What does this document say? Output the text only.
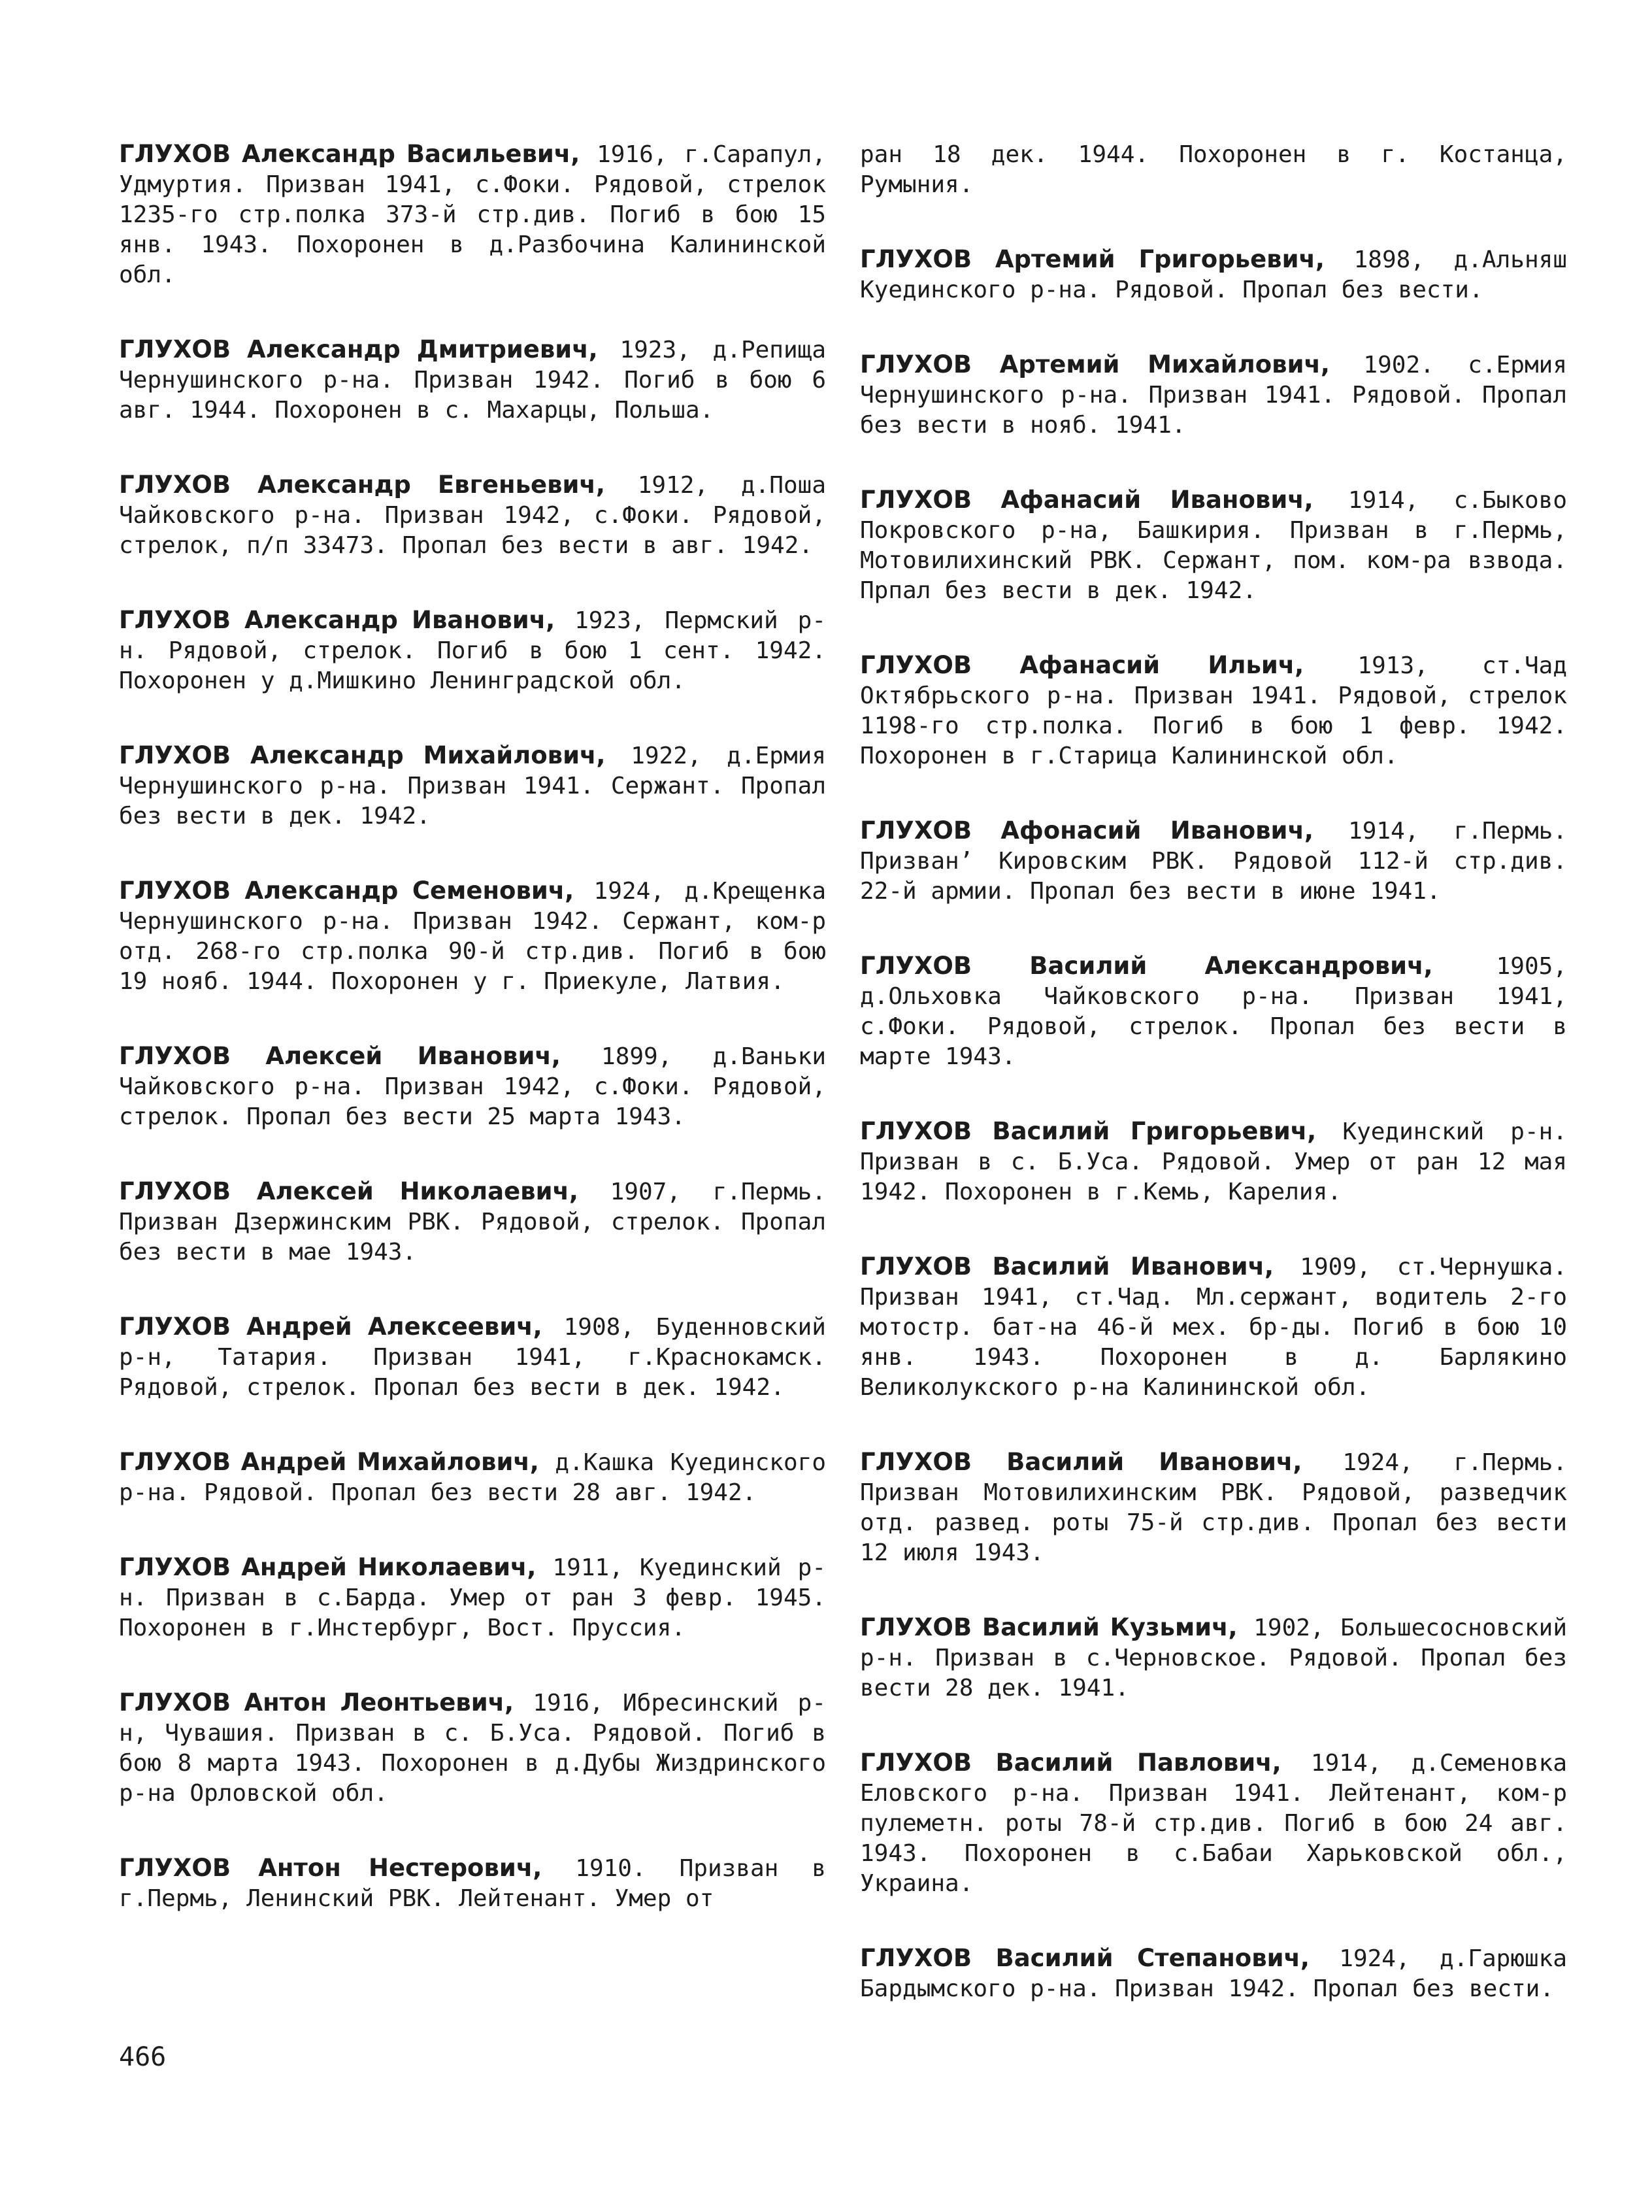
ГЛУХОВ Александр Васильевич, 1916, г.Сарапул, Удмуртия. Призван 1941, с.Фоки. Рядовой, стрелок 1235-го стр.полка 373-й стр.див. Погиб в бою 15 янв. 1943. Похоронен в д.Разбочина Калининской обл.

ГЛУХОВ Александр Дмитриевич, 1923, д.Репища Чернушинского р-на. Призван 1942. Погиб в бою 6 авг. 1944. Похоронен в с. Махарцы, Польша.

ГЛУХОВ Александр Евгеньевич, 1912, д.Поша Чайковского р-на. Призван 1942, с.Фоки. Рядовой, стрелок, п/п 33473. Пропал без вести в авг. 1942.

ГЛУХОВ Александр Иванович, 1923, Пермский р-н. Рядовой, стрелок. Погиб в бою 1 сент. 1942. Похоронен у д.Мишкино Ленинградской обл.

ГЛУХОВ Александр Михайлович, 1922, д.Ермия Чернушинского р-на. Призван 1941. Сержант. Пропал без вести в дек. 1942.

ГЛУХОВ Александр Семенович, 1924, д.Крещенка Чернушинского р-на. Призван 1942. Сержант, ком-р отд. 268-го стр.полка 90-й стр.див. Погиб в бою 19 нояб. 1944. Похоронен у г. Приекуле, Латвия.

ГЛУХОВ Алексей Иванович, 1899, д.Ваньки Чайковского р-на. Призван 1942, с.Фоки. Рядовой, стрелок. Пропал без вести 25 марта 1943.

ГЛУХОВ Алексей Николаевич, 1907, г.Пермь. Призван Дзержинским РВК. Рядовой, стрелок. Пропал без вести в мае 1943.

ГЛУХОВ Андрей Алексеевич, 1908, Буденновский р-н, Татария. Призван 1941, г.Краснокамск. Рядовой, стрелок. Пропал без вести в дек. 1942.

ГЛУХОВ Андрей Михайлович, д.Кашка Куединского р-на. Рядовой. Пропал без вести 28 авг. 1942.

ГЛУХОВ Андрей Николаевич, 1911, Куединский р-н. Призван в с.Барда. Умер от ран 3 февр. 1945. Похоронен в г.Инстербург, Вост. Пруссия.

ГЛУХОВ Антон Леонтьевич, 1916, Ибресинский р-н, Чувашия. Призван в с. Б.Уса. Рядовой. Погиб в бою 8 марта 1943. Похоронен в д.Дубы Жиздринского р-на Орловской обл.

ГЛУХОВ Антон Нестерович, 1910. Призван в г.Пермь, Ленинский РВК. Лейтенант. Умер от

ран 18 дек. 1944. Похоронен в г. Костанца, Румыния.

ГЛУХОВ Артемий Григорьевич, 1898, д.Альняш Куединского р-на. Рядовой. Пропал без вести.

ГЛУХОВ Артемий Михайлович, 1902. с.Ермия Чернушинского р-на. Призван 1941. Рядовой. Пропал без вести в нояб. 1941.

ГЛУХОВ Афанасий Иванович, 1914, с.Быково Покровского р-на, Башкирия. Призван в г.Пермь, Мотовилихинский РВК. Сержант, пом. ком-ра взвода. Прпал без вести в дек. 1942.

ГЛУХОВ Афанасий Ильич, 1913, ст.Чад Октябрьского р-на. Призван 1941. Рядовой, стрелок 1198-го стр.полка. Погиб в бою 1 февр. 1942. Похоронен в г.Старица Калининской обл.

ГЛУХОВ Афонасий Иванович, 1914, г.Пермь. Призван’ Кировским РВК. Рядовой 112-й стр.див. 22-й армии. Пропал без вести в июне 1941.

ГЛУХОВ Василий Александрович, 1905, д.Ольховка Чайковского р-на. Призван 1941, с.Фоки. Рядовой, стрелок. Пропал без вести в марте 1943.

ГЛУХОВ Василий Григорьевич, Куединский р-н. Призван в с. Б.Уса. Рядовой. Умер от ран 12 мая 1942. Похоронен в г.Кемь, Карелия.

ГЛУХОВ Василий Иванович, 1909, ст.Чернушка. Призван 1941, ст.Чад. Мл.сержант, водитель 2-го мотостр. бат-на 46-й мех. бр-ды. Погиб в бою 10 янв. 1943. Похоронен в д. Барлякино Великолукского р-на Калининской обл.

ГЛУХОВ Василий Иванович, 1924, г.Пермь. Призван Мотовилихинским РВК. Рядовой, разведчик отд. развед. роты 75-й стр.див. Пропал без вести 12 июля 1943.

ГЛУХОВ Василий Кузьмич, 1902, Большесосновский р-н. Призван в с.Черновское. Рядовой. Пропал без вести 28 дек. 1941.

ГЛУХОВ Василий Павлович, 1914, д.Семеновка Еловского р-на. Призван 1941. Лейтенант, ком-р пулеметн. роты 78-й стр.див. Погиб в бою 24 авг. 1943. Похоронен в с.Бабаи Харьковской обл., Украина.

ГЛУХОВ Василий Степанович, 1924, д.Гарюшка Бардымского р-на. Призван 1942. Пропал без вести.

466
